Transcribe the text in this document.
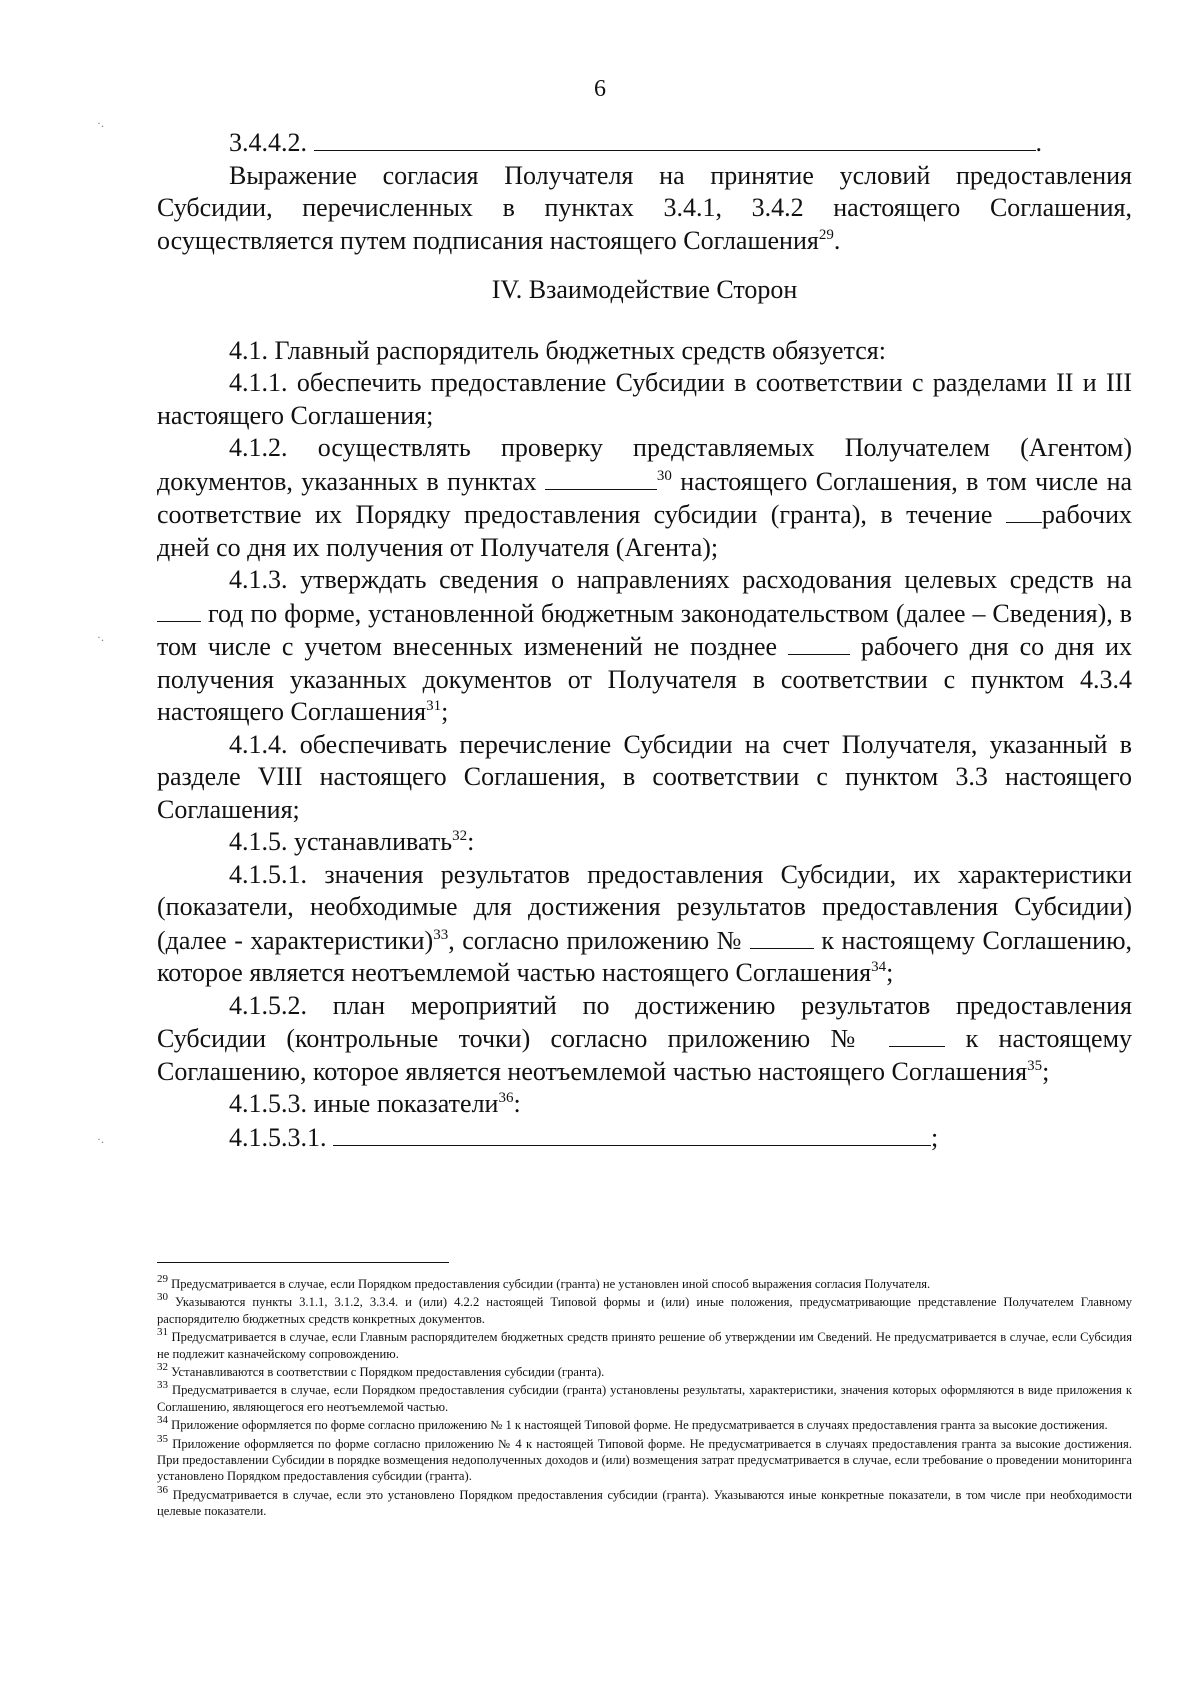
6
·.
·.
·.

3.4.4.2.	.

Выражение согласия Получателя на принятие условий предоставления Субсидии, перечисленных в пунктах 3.4.1, 3.4.2 настоящего Соглашения, осуществляется путем подписания настоящего Соглашения$^{29}$.

IV. Взаимодействие Сторон

4.1. Главный распорядитель бюджетных средств обязуется:

4.1.1. обеспечить предоставление Субсидии в соответствии с разделами II и III настоящего Соглашения;

4.1.2. осуществлять проверку представляемых Получателем (Агентом) документов, указанных в пунктах	$^{30}$ настоящего Соглашения, в том числе на соответствие их Порядку предоставления субсидии (гранта), в течение рабочих дней со дня их получения от Получателя (Агента);

4.1.3. утверждать сведения о направлениях расходования целевых средств на  год по форме, установленной бюджетным законодательством (далее – Сведения), в том числе с учетом внесенных изменений не позднее	рабочего дня со дня их получения указанных документов от Получателя в соответствии с пунктом 4.3.4 настоящего Соглашения$^{31}$;

4.1.4. обеспечивать перечисление Субсидии на счет Получателя, указанный в разделе VIII настоящего Соглашения, в соответствии с пунктом 3.3 настоящего Соглашения;

4.1.5. устанавливать$^{32}$:

4.1.5.1. значения результатов предоставления Субсидии, их характеристики (показатели, необходимые для достижения результатов предоставления Субсидии) (далее - характеристики)$^{33}$, согласно приложению №	к настоящему Соглашению, которое является неотъемлемой частью настоящего Соглашения$^{34}$;

4.1.5.2. план мероприятий по достижению результатов предоставления Субсидии (контрольные точки) согласно приложению №	к настоящему Соглашению, которое является неотъемлемой частью настоящего Соглашения$^{35}$;

4.1.5.3. иные показатели$^{36}$:

4.1.5.3.1.	;

$^{29}$ Предусматривается в случае, если Порядком предоставления субсидии (гранта) не установлен иной способ выражения согласия Получателя.

$^{30}$ Указываются пункты 3.1.1, 3.1.2, 3.3.4. и (или) 4.2.2 настоящей Типовой формы и (или) иные положения, предусматривающие представление Получателем Главному распорядителю бюджетных средств конкретных документов.

$^{31}$ Предусматривается в случае, если Главным распорядителем бюджетных средств принято решение об утверждении им Сведений. Не предусматривается в случае, если Субсидия не подлежит казначейскому сопровождению.

$^{32}$ Устанавливаются в соответствии с Порядком предоставления субсидии (гранта).

$^{33}$ Предусматривается в случае, если Порядком предоставления субсидии (гранта) установлены результаты, характеристики, значения которых оформляются в виде приложения к Соглашению, являющегося его неотъемлемой частью.

$^{34}$ Приложение оформляется по форме согласно приложению № 1 к настоящей Типовой форме. Не предусматривается в случаях предоставления гранта за высокие достижения.

$^{35}$ Приложение оформляется по форме согласно приложению № 4 к настоящей Типовой форме. Не предусматривается в случаях предоставления гранта за высокие достижения. При предоставлении Субсидии в порядке возмещения недополученных доходов и (или) возмещения затрат предусматривается в случае, если требование о проведении мониторинга установлено Порядком предоставления субсидии (гранта).

$^{36}$ Предусматривается в случае, если это установлено Порядком предоставления субсидии (гранта). Указываются иные конкретные показатели, в том числе при необходимости целевые показатели.
